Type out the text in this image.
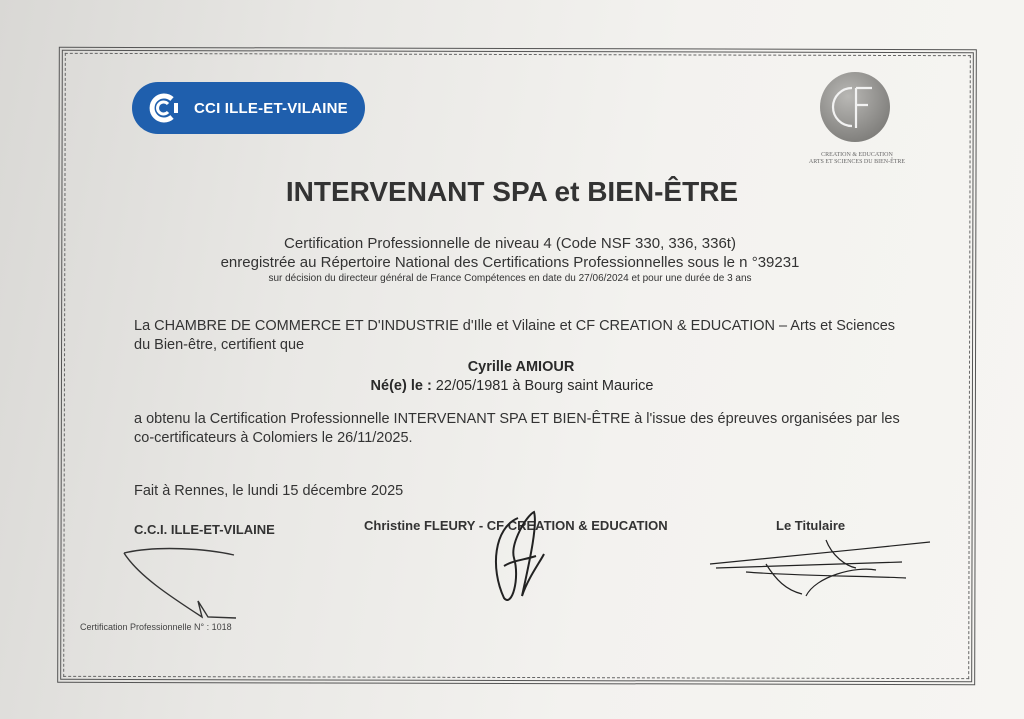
CCI ILLE-ET-VILAINE
CREATION & EDUCATION
ARTS ET SCIENCES DU BIEN-ÊTRE
INTERVENANT SPA et BIEN-ÊTRE
Certification Professionnelle de niveau 4 (Code NSF 330, 336, 336t)
enregistrée au Répertoire National des Certifications Professionnelles sous le n °39231
sur décision du directeur général de France Compétences en date du 27/06/2024 et pour une durée de 3 ans
La CHAMBRE DE COMMERCE ET D'INDUSTRIE d'Ille et Vilaine et CF CREATION & EDUCATION – Arts et Sciences du Bien-être, certifient que
Cyrille AMIOUR
Né(e) le : 22/05/1981 à Bourg saint Maurice
a obtenu la Certification Professionnelle INTERVENANT SPA ET BIEN-ÊTRE à l'issue des épreuves organisées par les co-certificateurs à Colomiers le 26/11/2025.
Fait à Rennes, le lundi 15 décembre 2025
C.C.I. ILLE-ET-VILAINE	Christine FLEURY - CF CREATION & EDUCATION	Le Titulaire
Certification Professionnelle N° : 1018
